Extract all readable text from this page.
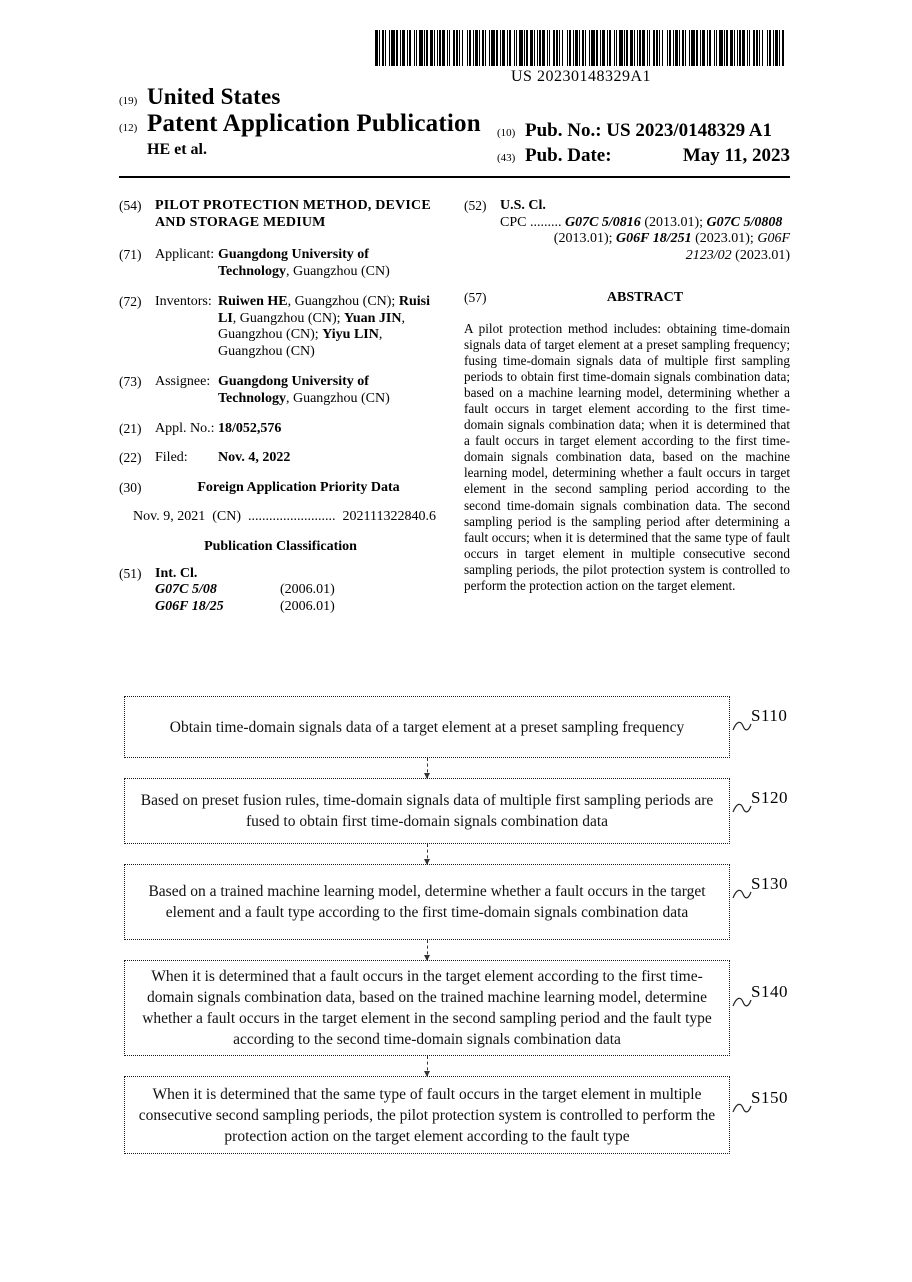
US 20230148329A1
(19) United States
(12) Patent Application Publication
HE et al.
(10) Pub. No.: US 2023/0148329 A1
(43) Pub. Date:	May 11, 2023
(54) PILOT PROTECTION METHOD, DEVICE AND STORAGE MEDIUM
(71) Applicant: Guangdong University of Technology, Guangzhou (CN)
(72) Inventors: Ruiwen HE, Guangzhou (CN); Ruisi LI, Guangzhou (CN); Yuan JIN, Guangzhou (CN); Yiyu LIN, Guangzhou (CN)
(73) Assignee: Guangdong University of Technology, Guangzhou (CN)
(21) Appl. No.: 18/052,576
(22) Filed:	Nov. 4, 2022
(30)	Foreign Application Priority Data
Nov. 9, 2021 (CN) ......................... 202111322840.6
Publication Classification
(51) Int. Cl.
G07C 5/08	(2006.01)
G06F 18/25	(2006.01)
(52) U.S. Cl.
CPC ......... G07C 5/0816 (2013.01); G07C 5/0808
(2013.01); G06F 18/251 (2023.01); G06F
2123/02 (2023.01)
(57)	ABSTRACT
A pilot protection method includes: obtaining time-domain signals data of target element at a preset sampling frequency; fusing time-domain signals data of multiple first sampling periods to obtain first time-domain signals combination data; based on a machine learning model, determining whether a fault occurs in target element according to the first time-domain signals combination data; when it is determined that a fault occurs in target element according to the first time-domain signals combination data, based on the machine learning model, determining whether a fault occurs in target element in the second sampling period according to the second time-domain signals combination data. The second sampling period is the sampling period after determining a fault occurs; when it is determined that the same type of fault occurs in target element in multiple consecutive second sampling periods, the pilot protection system is controlled to perform the protection action on the target element.
Obtain time-domain signals data of a target element at a preset sampling frequency
S110
Based on preset fusion rules, time-domain signals data of multiple first sampling periods are fused to obtain first time-domain signals combination data
S120
Based on a trained machine learning model, determine whether a fault occurs in the target element and a fault type according to the first time-domain signals combination data
S130
When it is determined that a fault occurs in the target element according to the first time-domain signals combination data, based on the trained machine learning model, determine whether a fault occurs in the target element in the second sampling period and the fault type according to the second time-domain signals combination data
S140
When it is determined that the same type of fault occurs in the target element in multiple consecutive second sampling periods, the pilot protection system is controlled to perform the protection action on the target element according to the fault type
S150
